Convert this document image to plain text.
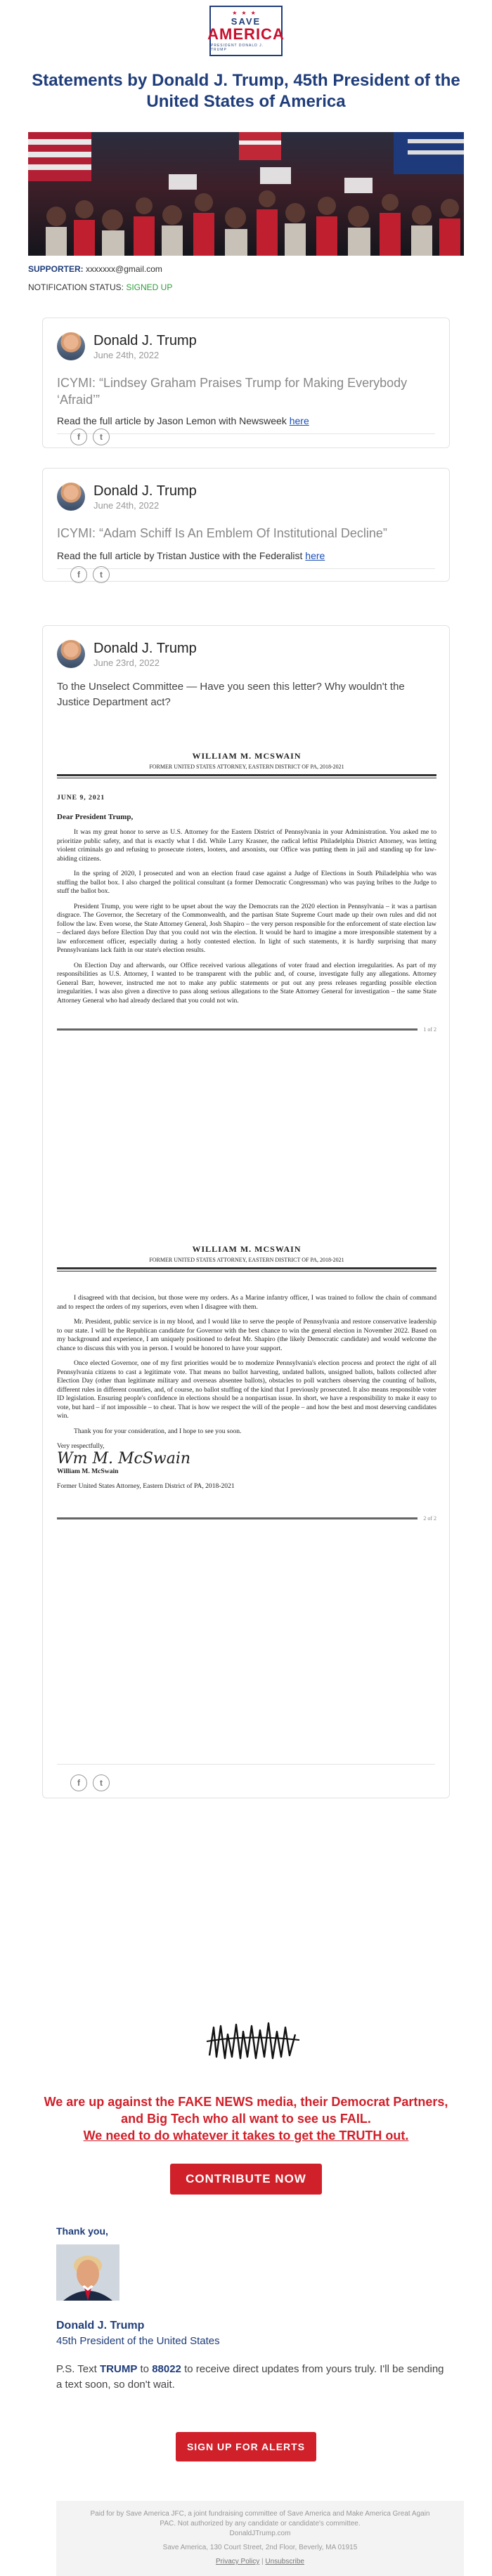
★★★
SAVE
AMERICA
PRESIDENT DONALD J. TRUMP
Statements by Donald J. Trump, 45th President of the United States of America
SUPPORTER: xxxxxxx@gmail.com
NOTIFICATION STATUS: SIGNED UP
Donald J. Trump
June 24th, 2022
ICYMI: “Lindsey Graham Praises Trump for Making Everybody ‘Afraid’”
Read the full article by Jason Lemon with Newsweek here
f	t
Donald J. Trump
June 24th, 2022
ICYMI: “Adam Schiff Is An Emblem Of Institutional Decline”
Read the full article by Tristan Justice with the Federalist here
f	t
Donald J. Trump
June 23rd, 2022
To the Unselect Committee — Have you seen this letter? Why wouldn't the Justice Department act?
WILLIAM M. MCSWAIN
FORMER UNITED STATES ATTORNEY, EASTERN DISTRICT OF PA, 2018-2021
JUNE 9, 2021
Dear President Trump,

It was my great honor to serve as U.S. Attorney for the Eastern District of Pennsylvania in your Administration. You asked me to prioritize public safety, and that is exactly what I did. While Larry Krasner, the radical leftist Philadelphia District Attorney, was letting violent criminals go and refusing to prosecute rioters, looters, and arsonists, our Office was putting them in jail and standing up for law-abiding citizens.

In the spring of 2020, I prosecuted and won an election fraud case against a Judge of Elections in South Philadelphia who was stuffing the ballot box. I also charged the political consultant (a former Democratic Congressman) who was paying bribes to the Judge to stuff the ballot box.

President Trump, you were right to be upset about the way the Democrats ran the 2020 election in Pennsylvania – it was a partisan disgrace. The Governor, the Secretary of the Commonwealth, and the partisan State Supreme Court made up their own rules and did not follow the law. Even worse, the State Attorney General, Josh Shapiro – the very person responsible for the enforcement of state election law – declared days before Election Day that you could not win the election. It would be hard to imagine a more irresponsible statement by a law enforcement officer, especially during a hotly contested election. In light of such statements, it is hardly surprising that many Pennsylvanians lack faith in our state's election results.

On Election Day and afterwards, our Office received various allegations of voter fraud and election irregularities. As part of my responsibilities as U.S. Attorney, I wanted to be transparent with the public and, of course, investigate fully any allegations. Attorney General Barr, however, instructed me not to make any public statements or put out any press releases regarding possible election irregularities. I was also given a directive to pass along serious allegations to the State Attorney General for investigation – the same State Attorney General who had already declared that you could not win.

1 of 2
WILLIAM M. MCSWAIN
FORMER UNITED STATES ATTORNEY, EASTERN DISTRICT OF PA, 2018-2021

I disagreed with that decision, but those were my orders. As a Marine infantry officer, I was trained to follow the chain of command and to respect the orders of my superiors, even when I disagree with them.

Mr. President, public service is in my blood, and I would like to serve the people of Pennsylvania and restore conservative leadership to our state. I will be the Republican candidate for Governor with the best chance to win the general election in November 2022. Based on my background and experience, I am uniquely positioned to defeat Mr. Shapiro (the likely Democratic candidate) and would welcome the chance to discuss this with you in person. I would be honored to have your support.

Once elected Governor, one of my first priorities would be to modernize Pennsylvania's election process and protect the right of all Pennsylvania citizens to cast a legitimate vote. That means no ballot harvesting, undated ballots, unsigned ballots, ballots collected after Election Day (other than legitimate military and overseas absentee ballots), obstacles to poll watchers observing the counting of ballots, different rules in different counties, and, of course, no ballot stuffing of the kind that I previously prosecuted. It also means responsible voter ID legislation. Ensuring people's confidence in elections should be a nonpartisan issue. In short, we have a responsibility to make it easy to vote, but hard – if not impossible – to cheat. That is how we respect the will of the people – and how the best and most deserving candidates win.

Thank you for your consideration, and I hope to see you soon.

Very respectfully,
Wm M. McSwain
William M. McSwain
Former United States Attorney, Eastern District of PA, 2018-2021
2 of 2
f	t
We are up against the FAKE NEWS media, their Democrat Partners, and Big Tech who all want to see us FAIL.
We need to do whatever it takes to get the TRUTH out.
CONTRIBUTE NOW
Thank you,
Donald J. Trump
45th President of the United States
P.S. Text TRUMP to 88022 to receive direct updates from yours truly. I'll be sending a text soon, so don't wait.
SIGN UP FOR ALERTS
Paid for by Save America JFC, a joint fundraising committee of Save America and Make America Great Again PAC. Not authorized by any candidate or candidate's committee.
DonaldJTrump.com
Save America, 130 Court Street, 2nd Floor, Beverly, MA 01915
Privacy Policy | Unsubscribe
